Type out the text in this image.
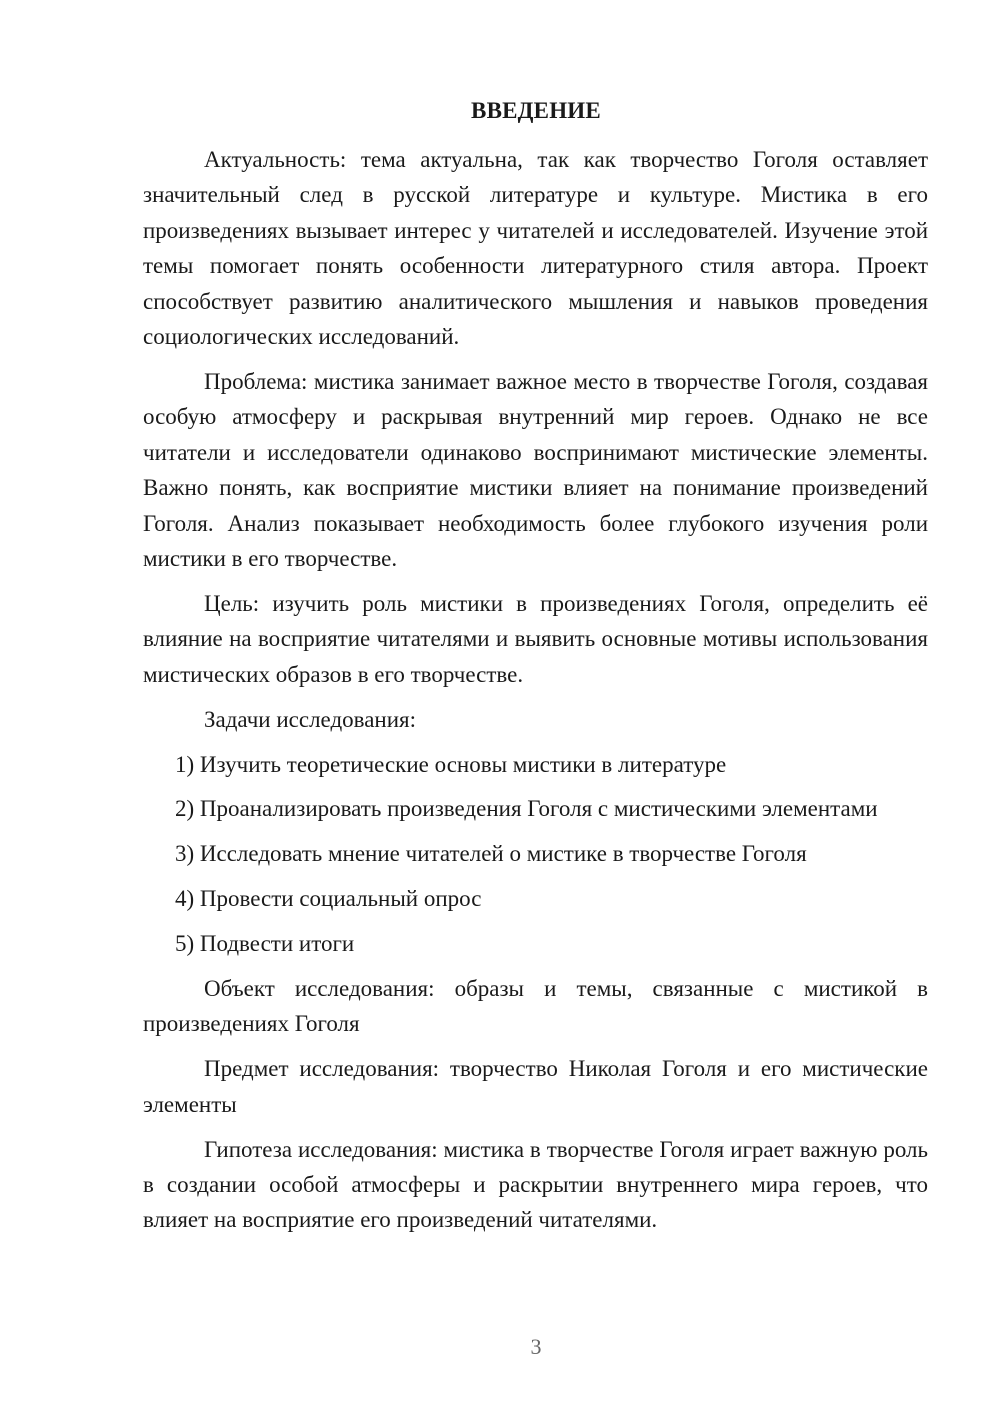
ВВЕДЕНИЕ

Актуальность: тема актуальна, так как творчество Гоголя оставляет значительный след в русской литературе и культуре. Мистика в его произведениях вызывает интерес у читателей и исследователей. Изучение этой темы помогает понять особенности литературного стиля автора. Проект способствует развитию аналитического мышления и навыков проведения социологических исследований.

Проблема: мистика занимает важное место в творчестве Гоголя, создавая особую атмосферу и раскрывая внутренний мир героев. Однако не все читатели и исследователи одинаково воспринимают мистические элементы. Важно понять, как восприятие мистики влияет на понимание произведений Гоголя. Анализ показывает необходимость более глубокого изучения роли мистики в его творчестве.

Цель: изучить роль мистики в произведениях Гоголя, определить её влияние на восприятие читателями и выявить основные мотивы использования мистических образов в его творчестве.

Задачи исследования:

1) Изучить теоретические основы мистики в литературе

2) Проанализировать произведения Гоголя с мистическими элементами

3) Исследовать мнение читателей о мистике в творчестве Гоголя

4) Провести социальный опрос

5) Подвести итоги

Объект исследования: образы и темы, связанные с мистикой в произведениях Гоголя

Предмет исследования: творчество Николая Гоголя и его мистические элементы

Гипотеза исследования: мистика в творчестве Гоголя играет важную роль в создании особой атмосферы и раскрытии внутреннего мира героев, что влияет на восприятие его произведений читателями.

3
